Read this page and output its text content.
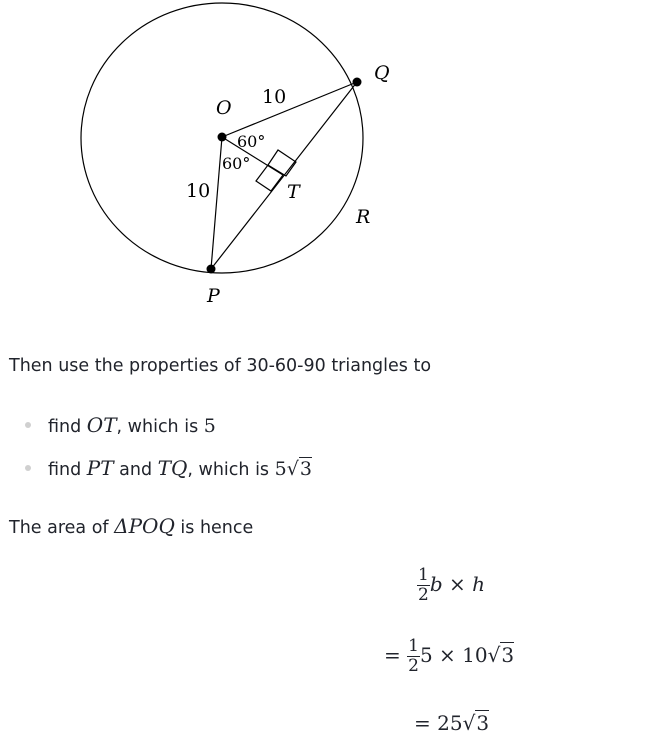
O
Q
P
T
R
10
10
60°
60°
Then use the properties of 30-60-90 triangles to
find OT, which is 5
find PT and TQ, which is 5√3
The area of ΔPOQ is hence
$\frac{1}{2}$ b × h
= $\frac{1}{2} 5 \times 10√3$
= 25√3
